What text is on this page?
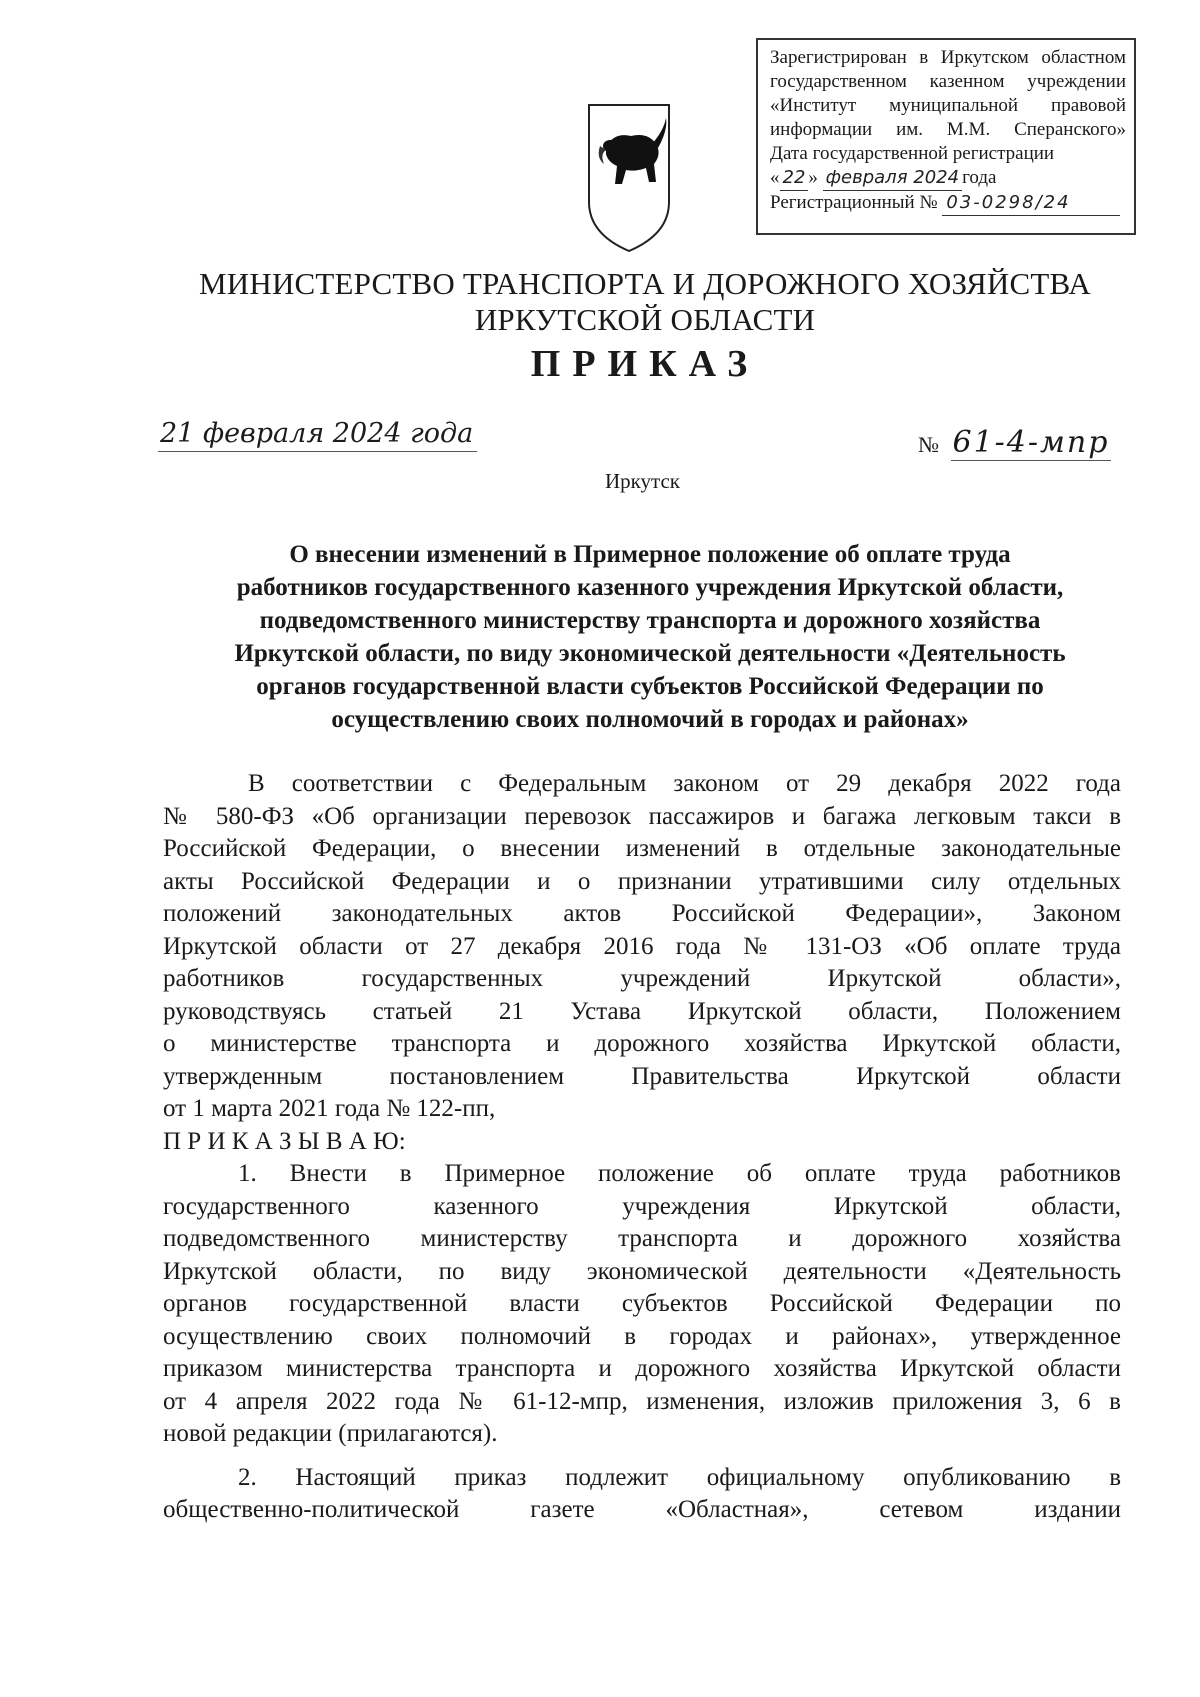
Зарегистрирован в Иркутском областном
государственном казенном учреждении
«Институт муниципальной правовой
информации им. М.М. Сперанского»
Дата государственной регистрации
« 22 » февраля 2024 года
Регистрационный № 03-0298/24
МИНИСТЕРСТВО ТРАНСПОРТА И ДОРОЖНОГО ХОЗЯЙСТВА
ИРКУТСКОЙ ОБЛАСТИ
ПРИКАЗ
21 февраля 2024 года	№ 61-4-мпр
Иркутск
О внесении изменений в Примерное положение об оплате труда
работников государственного казенного учреждения Иркутской области,
подведомственного министерству транспорта и дорожного хозяйства
Иркутской области, по виду экономической деятельности «Деятельность
органов государственной власти субъектов Российской Федерации по
осуществлению своих полномочий в городах и районах»
В соответствии с Федеральным законом от 29 декабря 2022 года
№ 580-ФЗ «Об организации перевозок пассажиров и багажа легковым такси в
Российской Федерации, о внесении изменений в отдельные законодательные
акты Российской Федерации и о признании утратившими силу отдельных
положений законодательных актов Российской Федерации», Законом
Иркутской области от 27 декабря 2016 года № 131-ОЗ «Об оплате труда
работников государственных учреждений Иркутской области»,
руководствуясь статьей 21 Устава Иркутской области, Положением
о министерстве транспорта и дорожного хозяйства Иркутской области,
утвержденным постановлением Правительства Иркутской области
от 1 марта 2021 года № 122-пп,
П Р И К А З Ы В А Ю:
1. Внести в Примерное положение об оплате труда работников
государственного казенного учреждения Иркутской области,
подведомственного министерству транспорта и дорожного хозяйства
Иркутской области, по виду экономической деятельности «Деятельность
органов государственной власти субъектов Российской Федерации по
осуществлению своих полномочий в городах и районах», утвержденное
приказом министерства транспорта и дорожного хозяйства Иркутской области
от 4 апреля 2022 года № 61-12-мпр, изменения, изложив приложения 3, 6 в
новой редакции (прилагаются).
2. Настоящий приказ подлежит официальному опубликованию в
общественно-политической газете «Областная», сетевом издании
